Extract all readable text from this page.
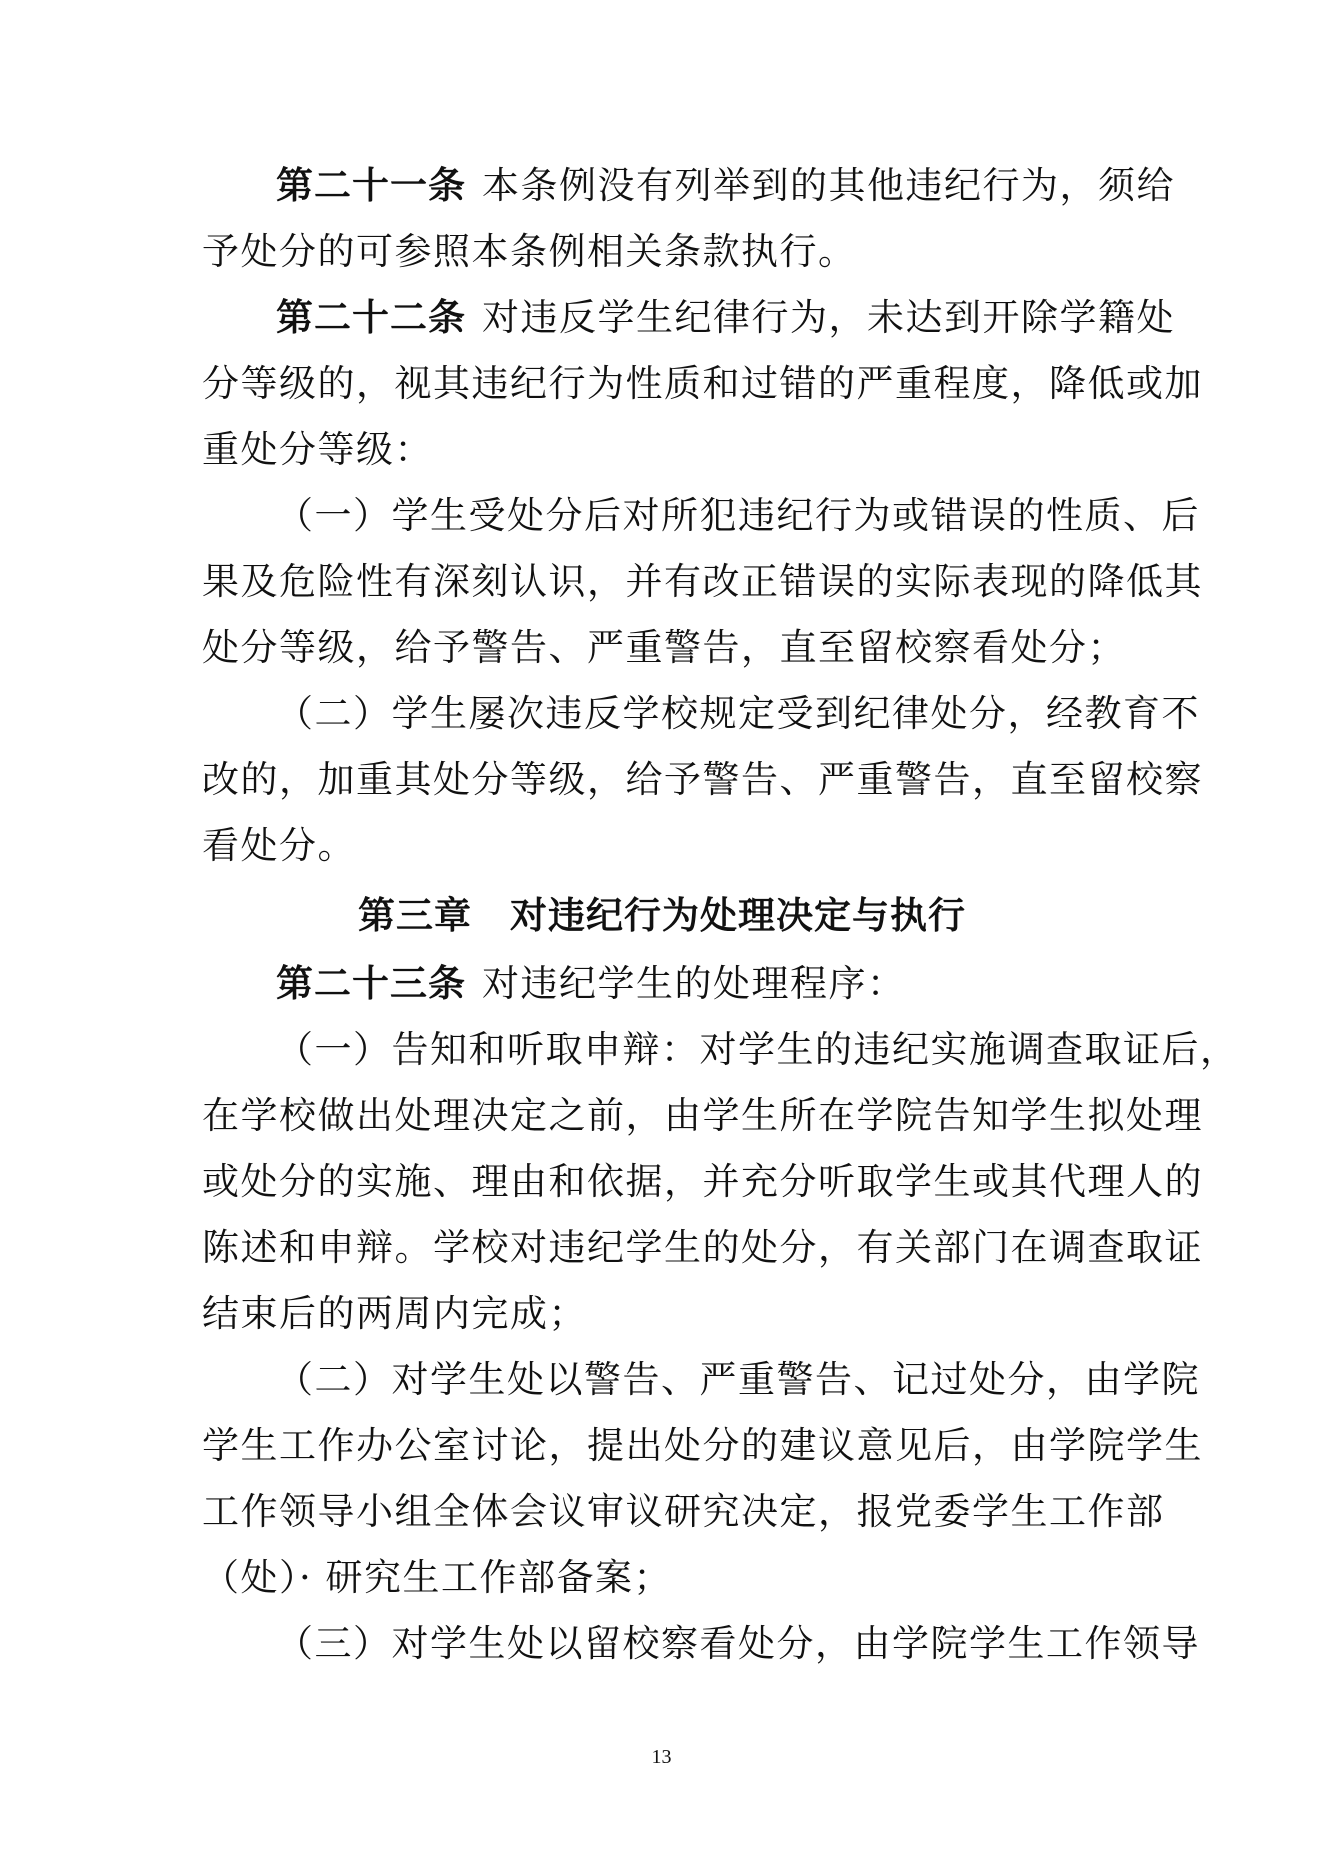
第二十一条 本条例没有列举到的其他违纪行为，须给
予处分的可参照本条例相关条款执行。
第二十二条 对违反学生纪律行为，未达到开除学籍处
分等级的，视其违纪行为性质和过错的严重程度，降低或加
重处分等级：
（一）学生受处分后对所犯违纪行为或错误的性质、后
果及危险性有深刻认识，并有改正错误的实际表现的降低其
处分等级，给予警告、严重警告，直至留校察看处分；
（二）学生屡次违反学校规定受到纪律处分，经教育不
改的，加重其处分等级，给予警告、严重警告，直至留校察
看处分。
第三章　对违纪行为处理决定与执行
第二十三条 对违纪学生的处理程序：
（一）告知和听取申辩：对学生的违纪实施调查取证后，
在学校做出处理决定之前，由学生所在学院告知学生拟处理
或处分的实施、理由和依据，并充分听取学生或其代理人的
陈述和申辩。学校对违纪学生的处分，有关部门在调查取证
结束后的两周内完成；
（二）对学生处以警告、严重警告、记过处分，由学院
学生工作办公室讨论，提出处分的建议意见后，由学院学生
工作领导小组全体会议审议研究决定，报党委学生工作部
（处）· 研究生工作部备案；
（三）对学生处以留校察看处分，由学院学生工作领导
13
